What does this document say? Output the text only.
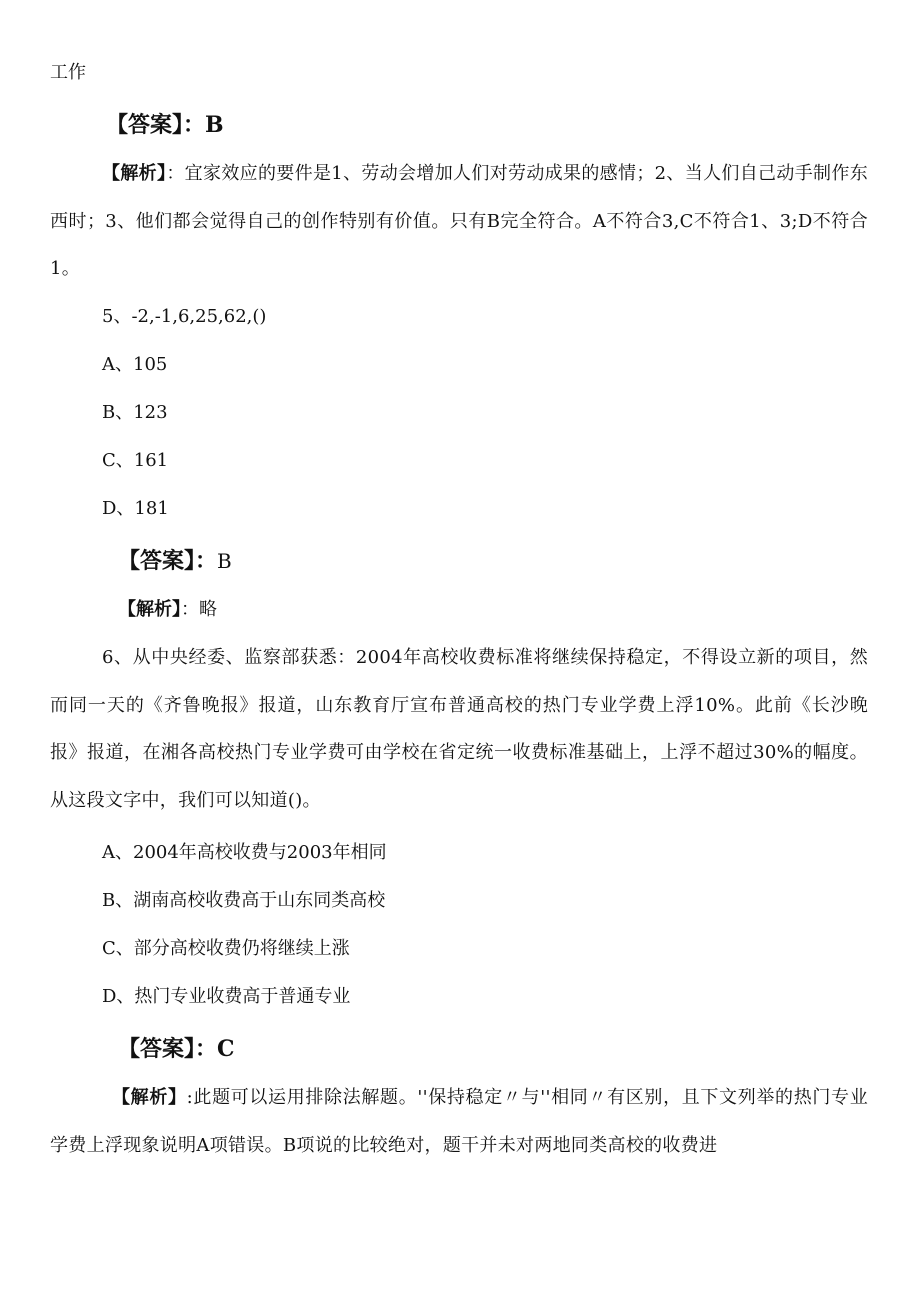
工作
【答案】：B
【解析】：宜家效应的要件是1、劳动会增加人们对劳动成果的感情；2、当人们自己动手制作东西时；3、他们都会觉得自己的创作特别有价值。只有B完全符合。A不符合3,C不符合1、3;D不符合1。
5、-2,-1,6,25,62,()
A、105
B、123
C、161
D、181
【答案】：B
【解析】：略
6、从中央经委、监察部获悉：2004年高校收费标准将继续保持稳定，不得设立新的项目，然而同一天的《齐鲁晚报》报道，山东教育厅宣布普通高校的热门专业学费上浮10%。此前《长沙晚报》报道，在湘各高校热门专业学费可由学校在省定统一收费标准基础上，上浮不超过30%的幅度。从这段文字中，我们可以知道()。
A、2004年高校收费与2003年相同
B、湖南高校收费高于山东同类高校
C、部分高校收费仍将继续上涨
D、热门专业收费高于普通专业
【答案】：C
【解析】:此题可以运用排除法解题。''保持稳定〃与''相同〃有区别，且下文列举的热门专业学费上浮现象说明A项错误。B项说的比较绝对，题干并未对两地同类高校的收费进
